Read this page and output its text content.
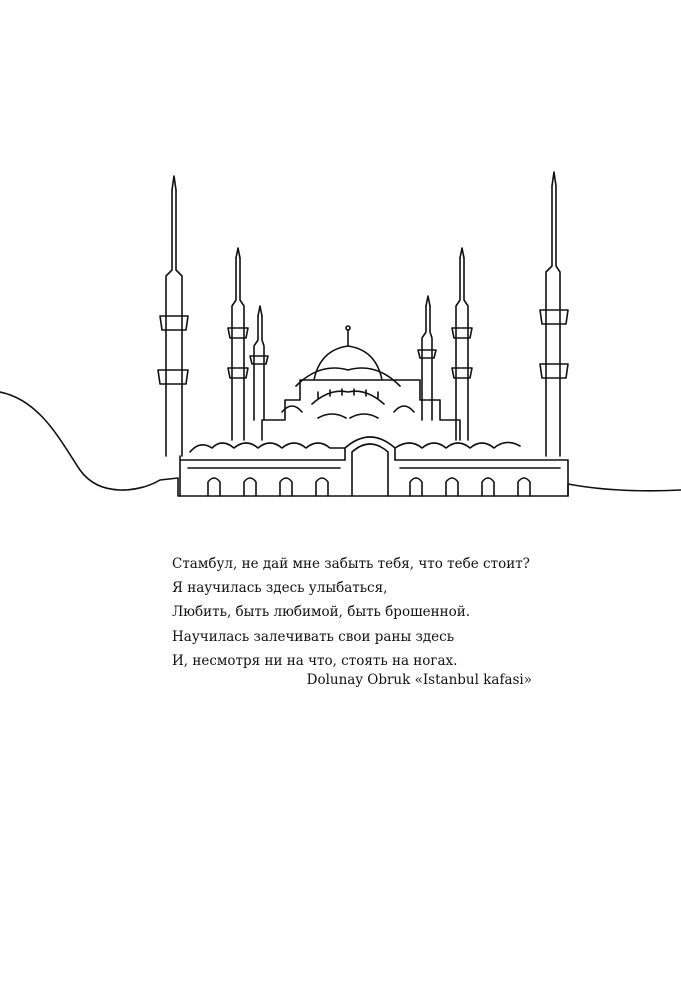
Стамбул, не дай мне забыть тебя, что тебе стоит?
Я научилась здесь улыбаться,
Любить, быть любимой, быть брошенной.
Научилась залечивать свои раны здесь
И, несмотря ни на что, стоять на ногах.
Dolunay Obruk «Istanbul kafasi»
